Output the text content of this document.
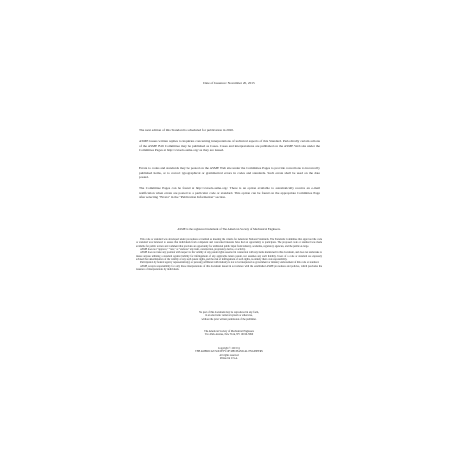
Date of Issuance: November 20, 2015

The next edition of this Standard is scheduled for publication in 2020.

ASME issues written replies to inquiries concerning interpretations of technical aspects of this Standard. Periodically certain actions of the ASME B16 Committee may be published as Cases. Cases and interpretations are published on the ASME Web site under the Committee Pages at http://cstools.asme.org/ as they are issued.

Errata to codes and standards may be posted on the ASME Web site under the Committee Pages to provide corrections to incorrectly published items, or to correct typographical or grammatical errors in codes and standards. Such errata shall be used on the date posted.

The Committee Pages can be found at http://cstools.asme.org/. There is an option available to automatically receive an e-mail notification when errata are posted to a particular code or standard. This option can be found on the appropriate Committee Page after selecting "Errata" in the "Publication Information" section.

ASME is the registered trademark of The American Society of Mechanical Engineers.

This code or standard was developed under procedures accredited as meeting the criteria for American National Standards. The Standards Committee that approved the code or standard was balanced to assure that individuals from competent and concerned interests have had an opportunity to participate. The proposed code or standard was made available for public review and comment that provides an opportunity for additional public input from industry, academia, regulatory agencies, and the public-at-large.

ASME does not "approve," "rate," or "endorse" any item, construction, proprietary device, or activity.

ASME does not take any position with respect to the validity of any patent rights asserted in connection with any items mentioned in this document, and does not undertake to insure anyone utilizing a standard against liability for infringement of any applicable letters patent, nor assumes any such liability. Users of a code or standard are expressly advised that determination of the validity of any such patent rights, and the risk of infringement of such rights, is entirely their own responsibility.

Participation by federal agency representative(s) or person(s) affiliated with industry is not to be interpreted as government or industry endorsement of this code or standard.

ASME accepts responsibility for only those interpretations of this document issued in accordance with the established ASME procedures and policies, which precludes the issuance of interpretations by individuals.

No part of this document may be reproduced in any form,
in an electronic retrieval system or otherwise,
without the prior written permission of the publisher.
The American Society of Mechanical Engineers
Two Park Avenue, New York, NY 10016-5990
Copyright © 2015 by
THE AMERICAN SOCIETY OF MECHANICAL ENGINEERS
All rights reserved
Printed in U.S.A.
